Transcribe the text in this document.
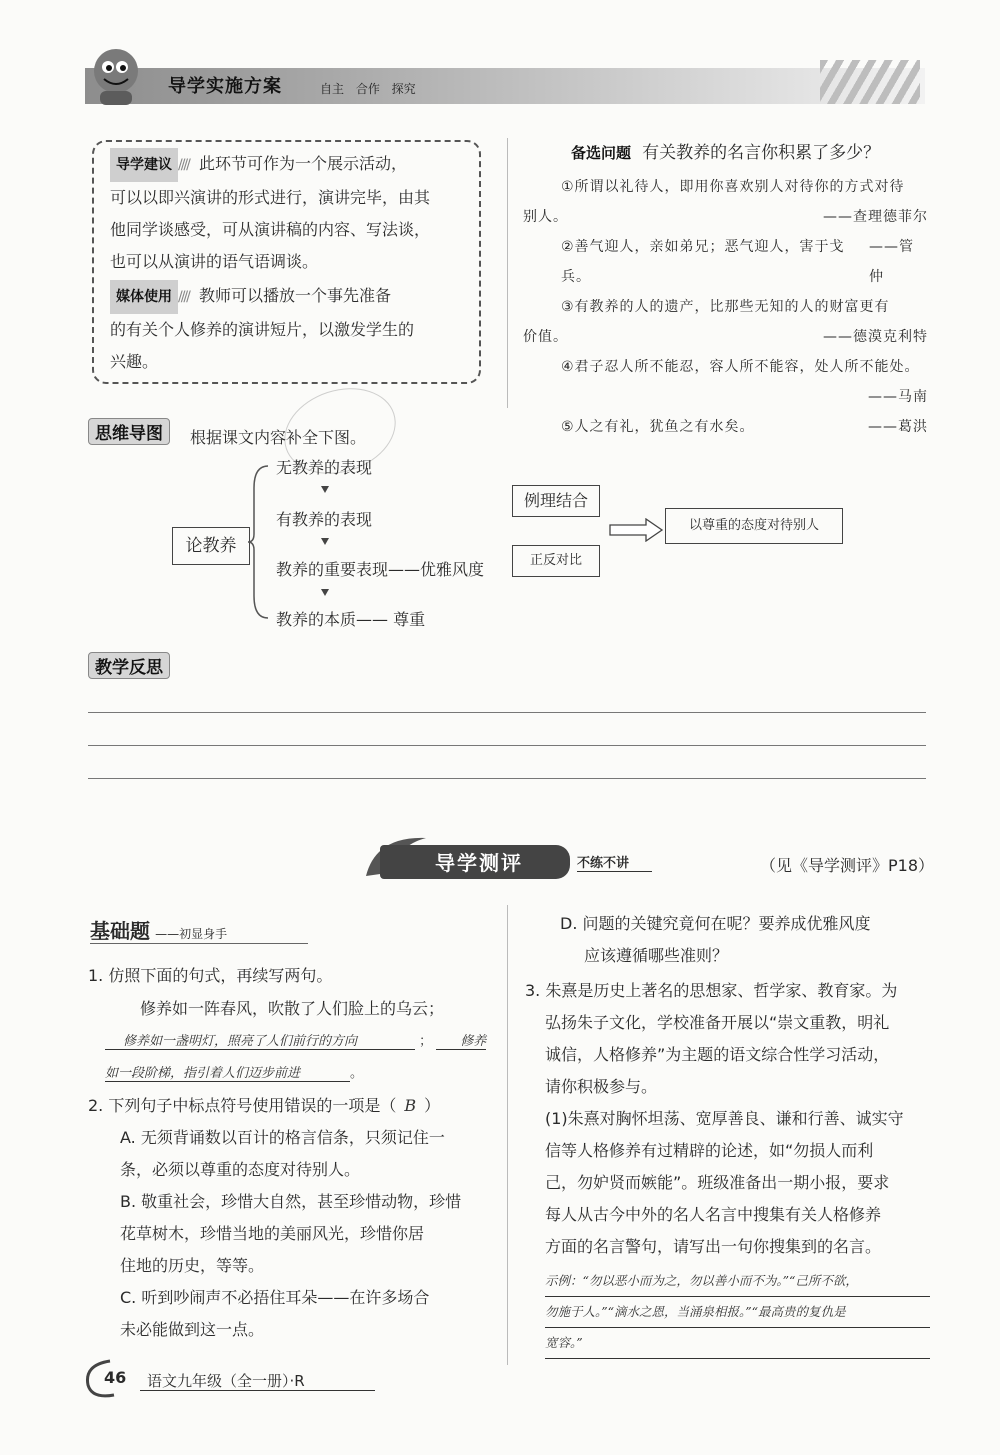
导学实施方案	自主 合作 探究
导学建议 //// 此环节可作为一个展示活动，
可以以即兴演讲的形式进行，演讲完毕，由其
他同学谈感受，可从演讲稿的内容、写法谈，
也可以从演讲的语气语调谈。
媒体使用 //// 教师可以播放一个事先准备
的有关个人修养的演讲短片，以激发学生的
兴趣。
备选问题 有关教养的名言你积累了多少？
①所谓以礼待人，即用你喜欢别人对待你的方式对待
别人。	——查理德菲尔
②善气迎人，亲如弟兄；恶气迎人，害于戈兵。
——管仲
③有教养的人的遗产，比那些无知的人的财富更有
价值。	——德漠克利特
④君子忍人所不能忍，容人所不能容，处人所不能处。
——马南
⑤人之有礼，犹鱼之有水矣。	——葛洪
思维导图	根据课文内容补全下图。
论教养
无教养的表现
有教养的表现
教养的重要表现——优雅风度
教养的本质—— 尊重
例理结合
正反对比
以尊重的态度对待别人
教学反思
导学测评	不练不讲	（见《导学测评》P18）
基础题 ——初显身手
1. 仿照下面的句式，再续写两句。
修养如一阵春风，吹散了人们脸上的乌云；
修养如一盏明灯，照亮了人们前行的方向	； 修养
如一段阶梯，指引着人们迈步前进	。
2. 下列句子中标点符号使用错误的一项是（ B ）
A. 无须背诵数以百计的格言信条，只须记住一
条，必须以尊重的态度对待别人。
B. 敬重社会，珍惜大自然，甚至珍惜动物，珍惜
花草树木，珍惜当地的美丽风光，珍惜你居
住地的历史，等等。
C. 听到吵闹声不必捂住耳朵——在许多场合
未必能做到这一点。
D. 问题的关键究竟何在呢？要养成优雅风度
应该遵循哪些准则？
3. 朱熹是历史上著名的思想家、哲学家、教育家。为
弘扬朱子文化，学校准备开展以“崇文重教，明礼
诚信，人格修养”为主题的语文综合性学习活动，
请你积极参与。
(1)朱熹对胸怀坦荡、宽厚善良、谦和行善、诚实守
信等人格修养有过精辟的论述，如“勿损人而利
己，勿妒贤而嫉能”。班级准备出一期小报，要求
每人从古今中外的名人名言中搜集有关人格修养
方面的名言警句，请写出一句你搜集到的名言。
示例：“勿以恶小而为之，勿以善小而不为。”“己所不欲，
勿施于人。”“滴水之恩，当涌泉相报。”“最高贵的复仇是
宽容。”
46 语文九年级（全一册）·R
